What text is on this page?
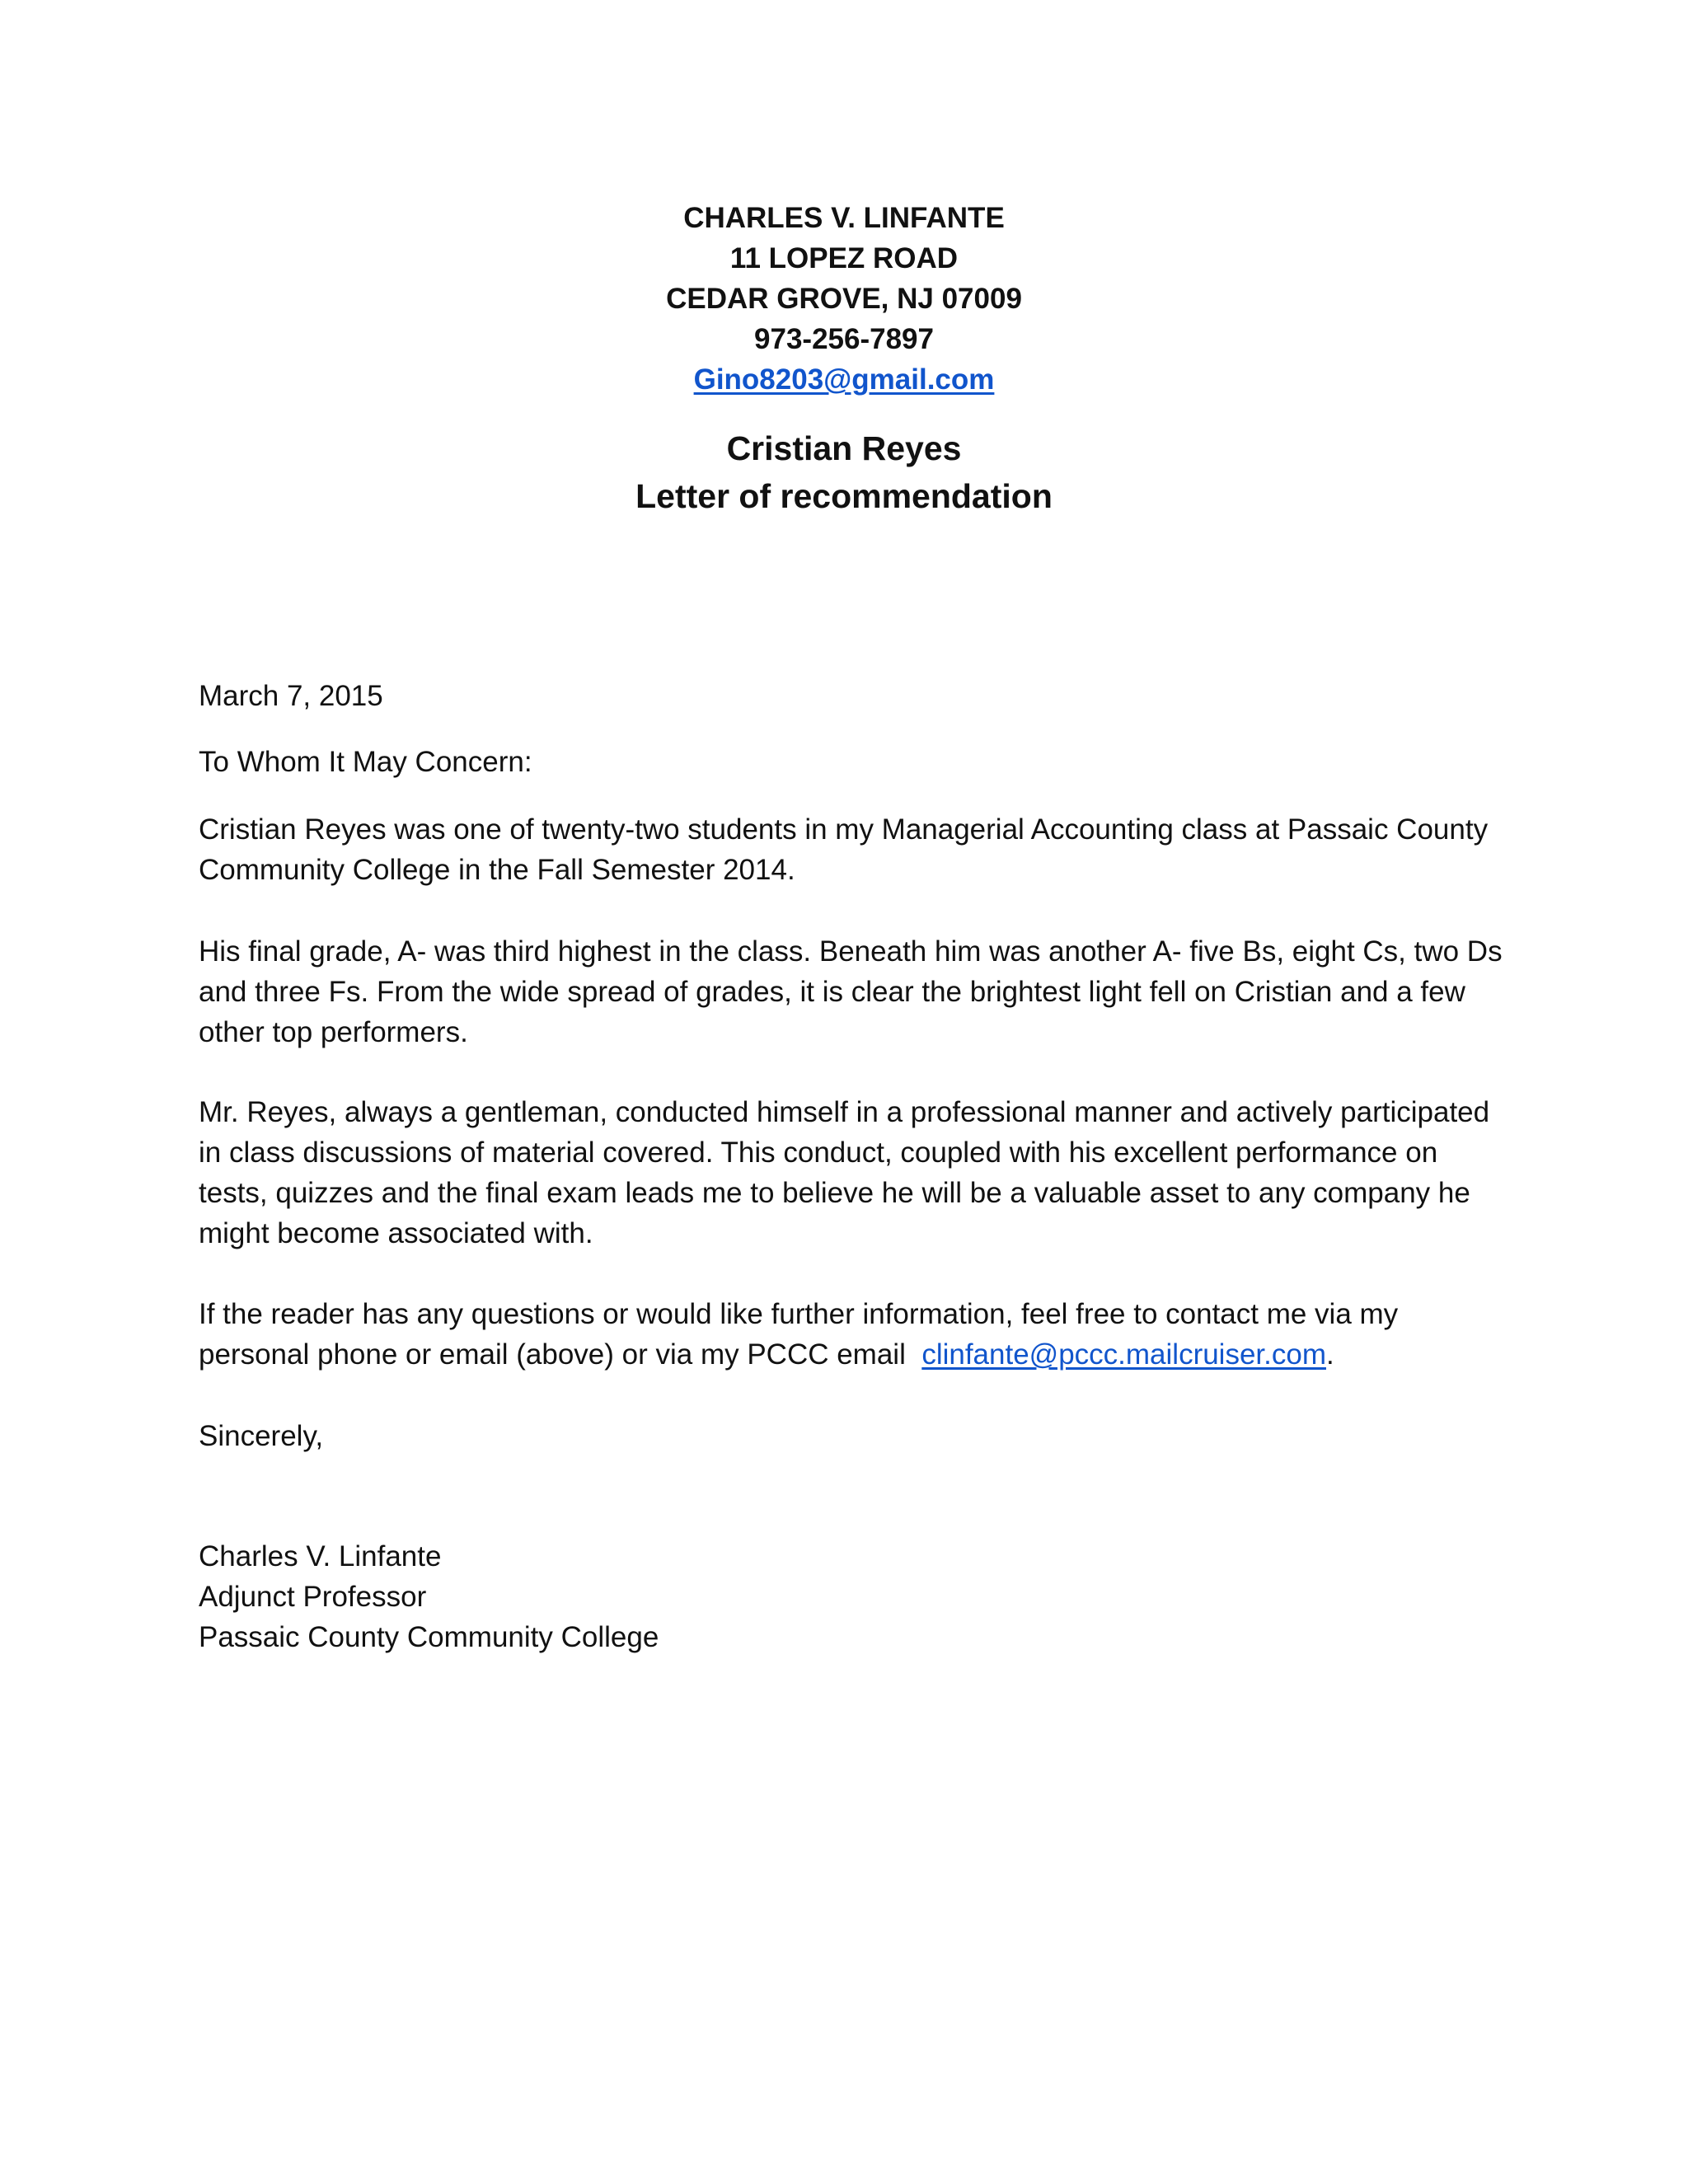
CHARLES V. LINFANTE
11 LOPEZ ROAD
CEDAR GROVE, NJ 07009
973-256-7897
Gino8203@gmail.com
Cristian Reyes
Letter of recommendation

March 7, 2015

To Whom It May Concern:

Cristian Reyes was one of twenty-two students in my Managerial Accounting class at Passaic County Community College in the Fall Semester 2014.

His final grade, A- was third highest in the class. Beneath him was another A- five Bs, eight Cs, two Ds and three Fs. From the wide spread of grades, it is clear the brightest light fell on Cristian and a few other top performers.

Mr. Reyes, always a gentleman, conducted himself in a professional manner and actively participated in class discussions of material covered. This conduct, coupled with his excellent performance on tests, quizzes and the final exam leads me to believe he will be a valuable asset to any company he might become associated with.

If the reader has any questions or would like further information, feel free to contact me via my personal phone or email (above) or via my PCCC email  clinfante@pccc.mailcruiser.com.

Sincerely,

Charles V. Linfante
Adjunct Professor
Passaic County Community College
